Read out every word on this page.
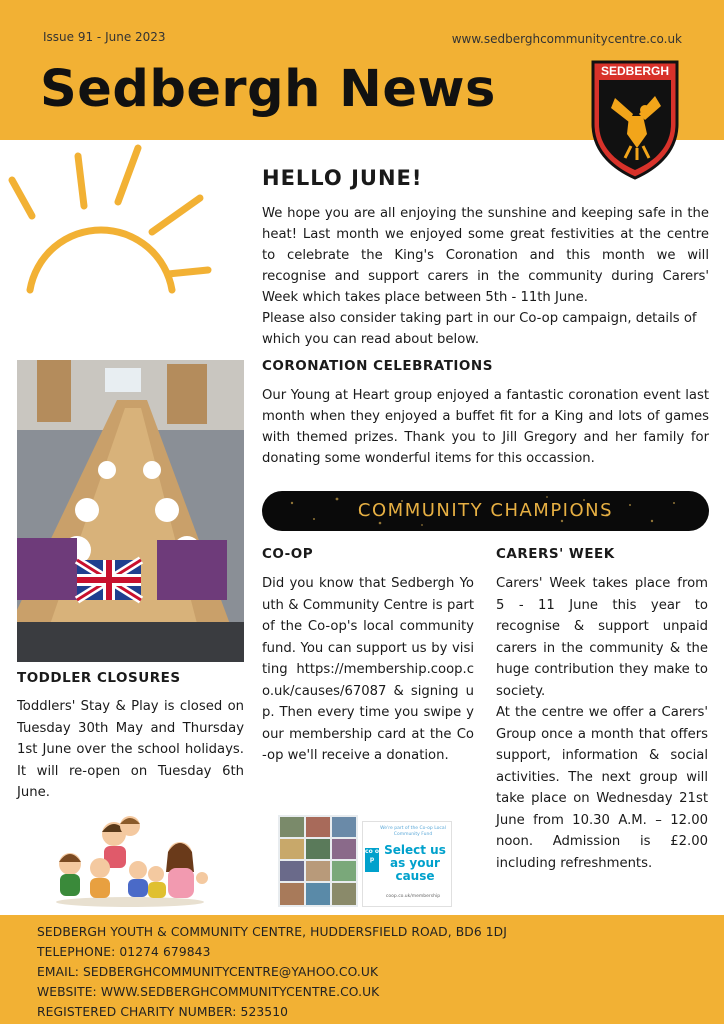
Issue 91 - June 2023	www.sedberghcommunitycentre.co.uk
Sedbergh News	SEDBERGH
HELLO JUNE!

We hope you are all enjoying the sunshine and keeping safe in the heat! Last month we enjoyed some great festivities at the centre to celebrate the King's Coronation and this month we will recognise and support carers in the community during Carers' Week which takes place between 5th - 11th June.

Please also consider taking part in our Co-op campaign, details of which you can read about below.

CORONATION CELEBRATIONS

Our Young at Heart group enjoyed a fantastic coronation event last month when they enjoyed a buffet fit for a King and lots of games with themed prizes. Thank you to Jill Gregory and her family for donating some wonderful items for this occassion.

COMMUNITY CHAMPIONS
CO-OP
Did you know that Sedbergh Youth & Community Centre is part of the Co-op's local community fund. You can support us by visiting https://membership.coop.co.uk/causes/67087 & signing up. Then every time you swipe your membership card at the Co-op we'll receive a donation.
CARERS' WEEK
Carers' Week takes place from 5 - 11 June this year to recognise & support unpaid carers in the community & the huge contribution they make to society.
At the centre we offer a Carers' Group once a month that offers support, information & social activities. The next group will take place on Wednesday 21st June from 10.30 A.M. – 12.00 noon. Admission is £2.00 including refreshments.
TODDLER CLOSURES
Toddlers' Stay & Play is closed on Tuesday 30th May and Thursday 1st June over the school holidays. It will re-open on Tuesday 6th June.
We're part of the Co-op Local Community Fund
co op
Select us as your cause
coop.co.uk/membership
SEDBERGH YOUTH & COMMUNITY CENTRE, HUDDERSFIELD ROAD, BD6 1DJ
TELEPHONE: 01274 679843
EMAIL: SEDBERGHCOMMUNITYCENTRE@YAHOO.CO.UK
WEBSITE: WWW.SEDBERGHCOMMUNITYCENTRE.CO.UK
REGISTERED CHARITY NUMBER: 523510
